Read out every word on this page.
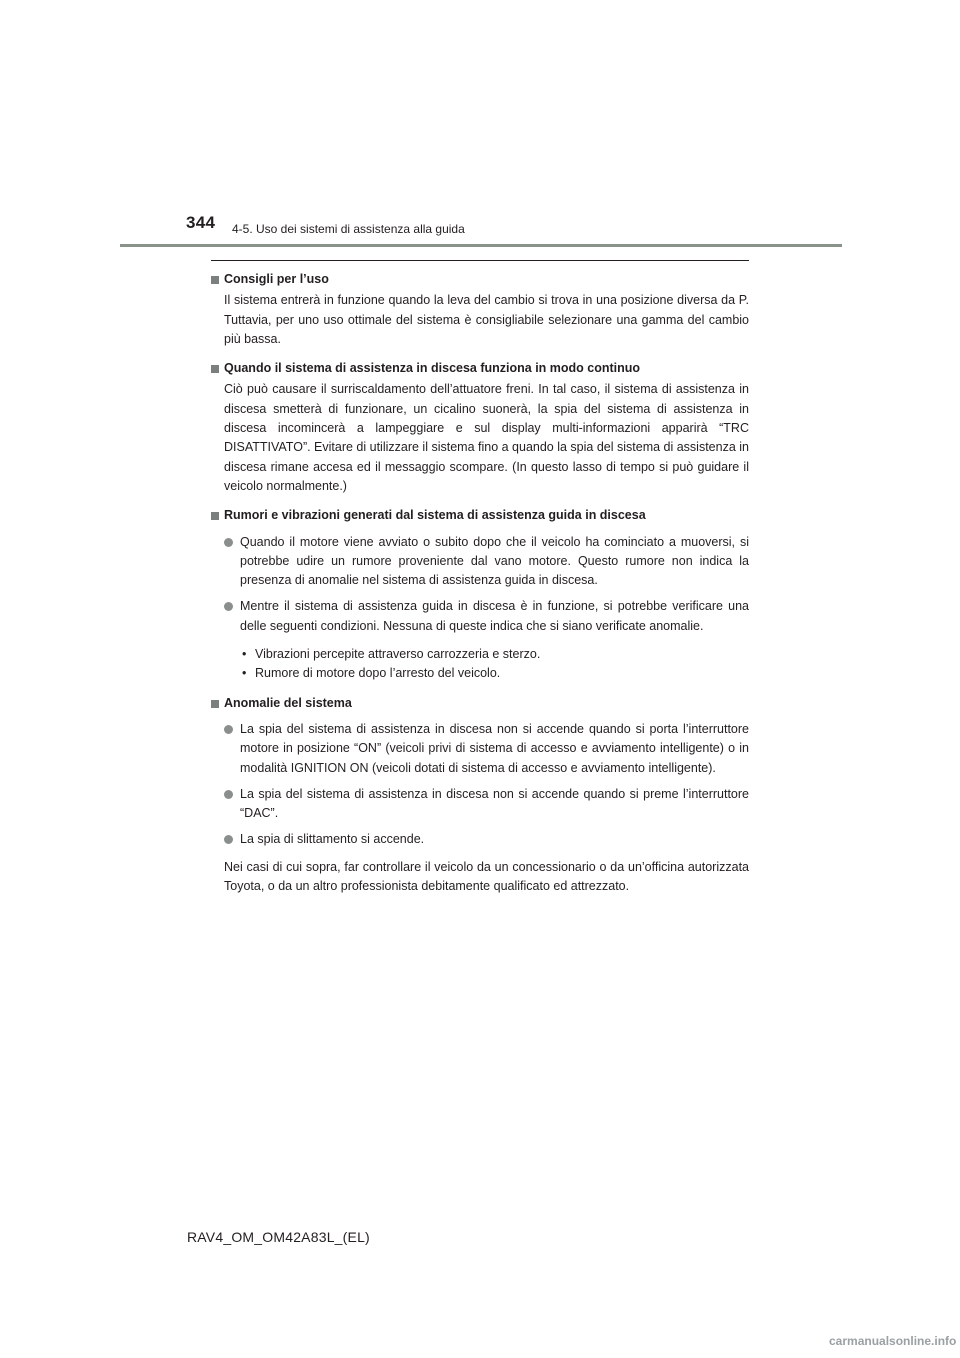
344 4-5. Uso dei sistemi di assistenza alla guida

Consigli per l’uso

Il sistema entrerà in funzione quando la leva del cambio si trova in una posizione diversa da P. Tuttavia, per uno uso ottimale del sistema è consigliabile selezionare una gamma del cambio più bassa.

Quando il sistema di assistenza in discesa funziona in modo continuo

Ciò può causare il surriscaldamento dell’attuatore freni. In tal caso, il sistema di assistenza in discesa smetterà di funzionare, un cicalino suonerà, la spia del sistema di assistenza in discesa incomincerà a lampeggiare e sul display multi-informazioni apparirà “TRC DISATTIVATO”. Evitare di utilizzare il sistema fino a quando la spia del sistema di assistenza in discesa rimane accesa ed il messaggio scompare. (In questo lasso di tempo si può guidare il veicolo normalmente.)

Rumori e vibrazioni generati dal sistema di assistenza guida in discesa

Quando il motore viene avviato o subito dopo che il veicolo ha cominciato a muoversi, si potrebbe udire un rumore proveniente dal vano motore. Questo rumore non indica la presenza di anomalie nel sistema di assistenza guida in discesa.

Mentre il sistema di assistenza guida in discesa è in funzione, si potrebbe verificare una delle seguenti condizioni. Nessuna di queste indica che si siano verificate anomalie.

• Vibrazioni percepite attraverso carrozzeria e sterzo.

• Rumore di motore dopo l’arresto del veicolo.

Anomalie del sistema

La spia del sistema di assistenza in discesa non si accende quando si porta l’interruttore motore in posizione “ON” (veicoli privi di sistema di accesso e avviamento intelligente) o in modalità IGNITION ON (veicoli dotati di sistema di accesso e avviamento intelligente).

La spia del sistema di assistenza in discesa non si accende quando si preme l’interruttore “DAC”.

La spia di slittamento si accende.

Nei casi di cui sopra, far controllare il veicolo da un concessionario o da un’officina autorizzata Toyota, o da un altro professionista debitamente qualificato ed attrezzato.

RAV4_OM_OM42A83L_(EL)
carmanualsonline.info
